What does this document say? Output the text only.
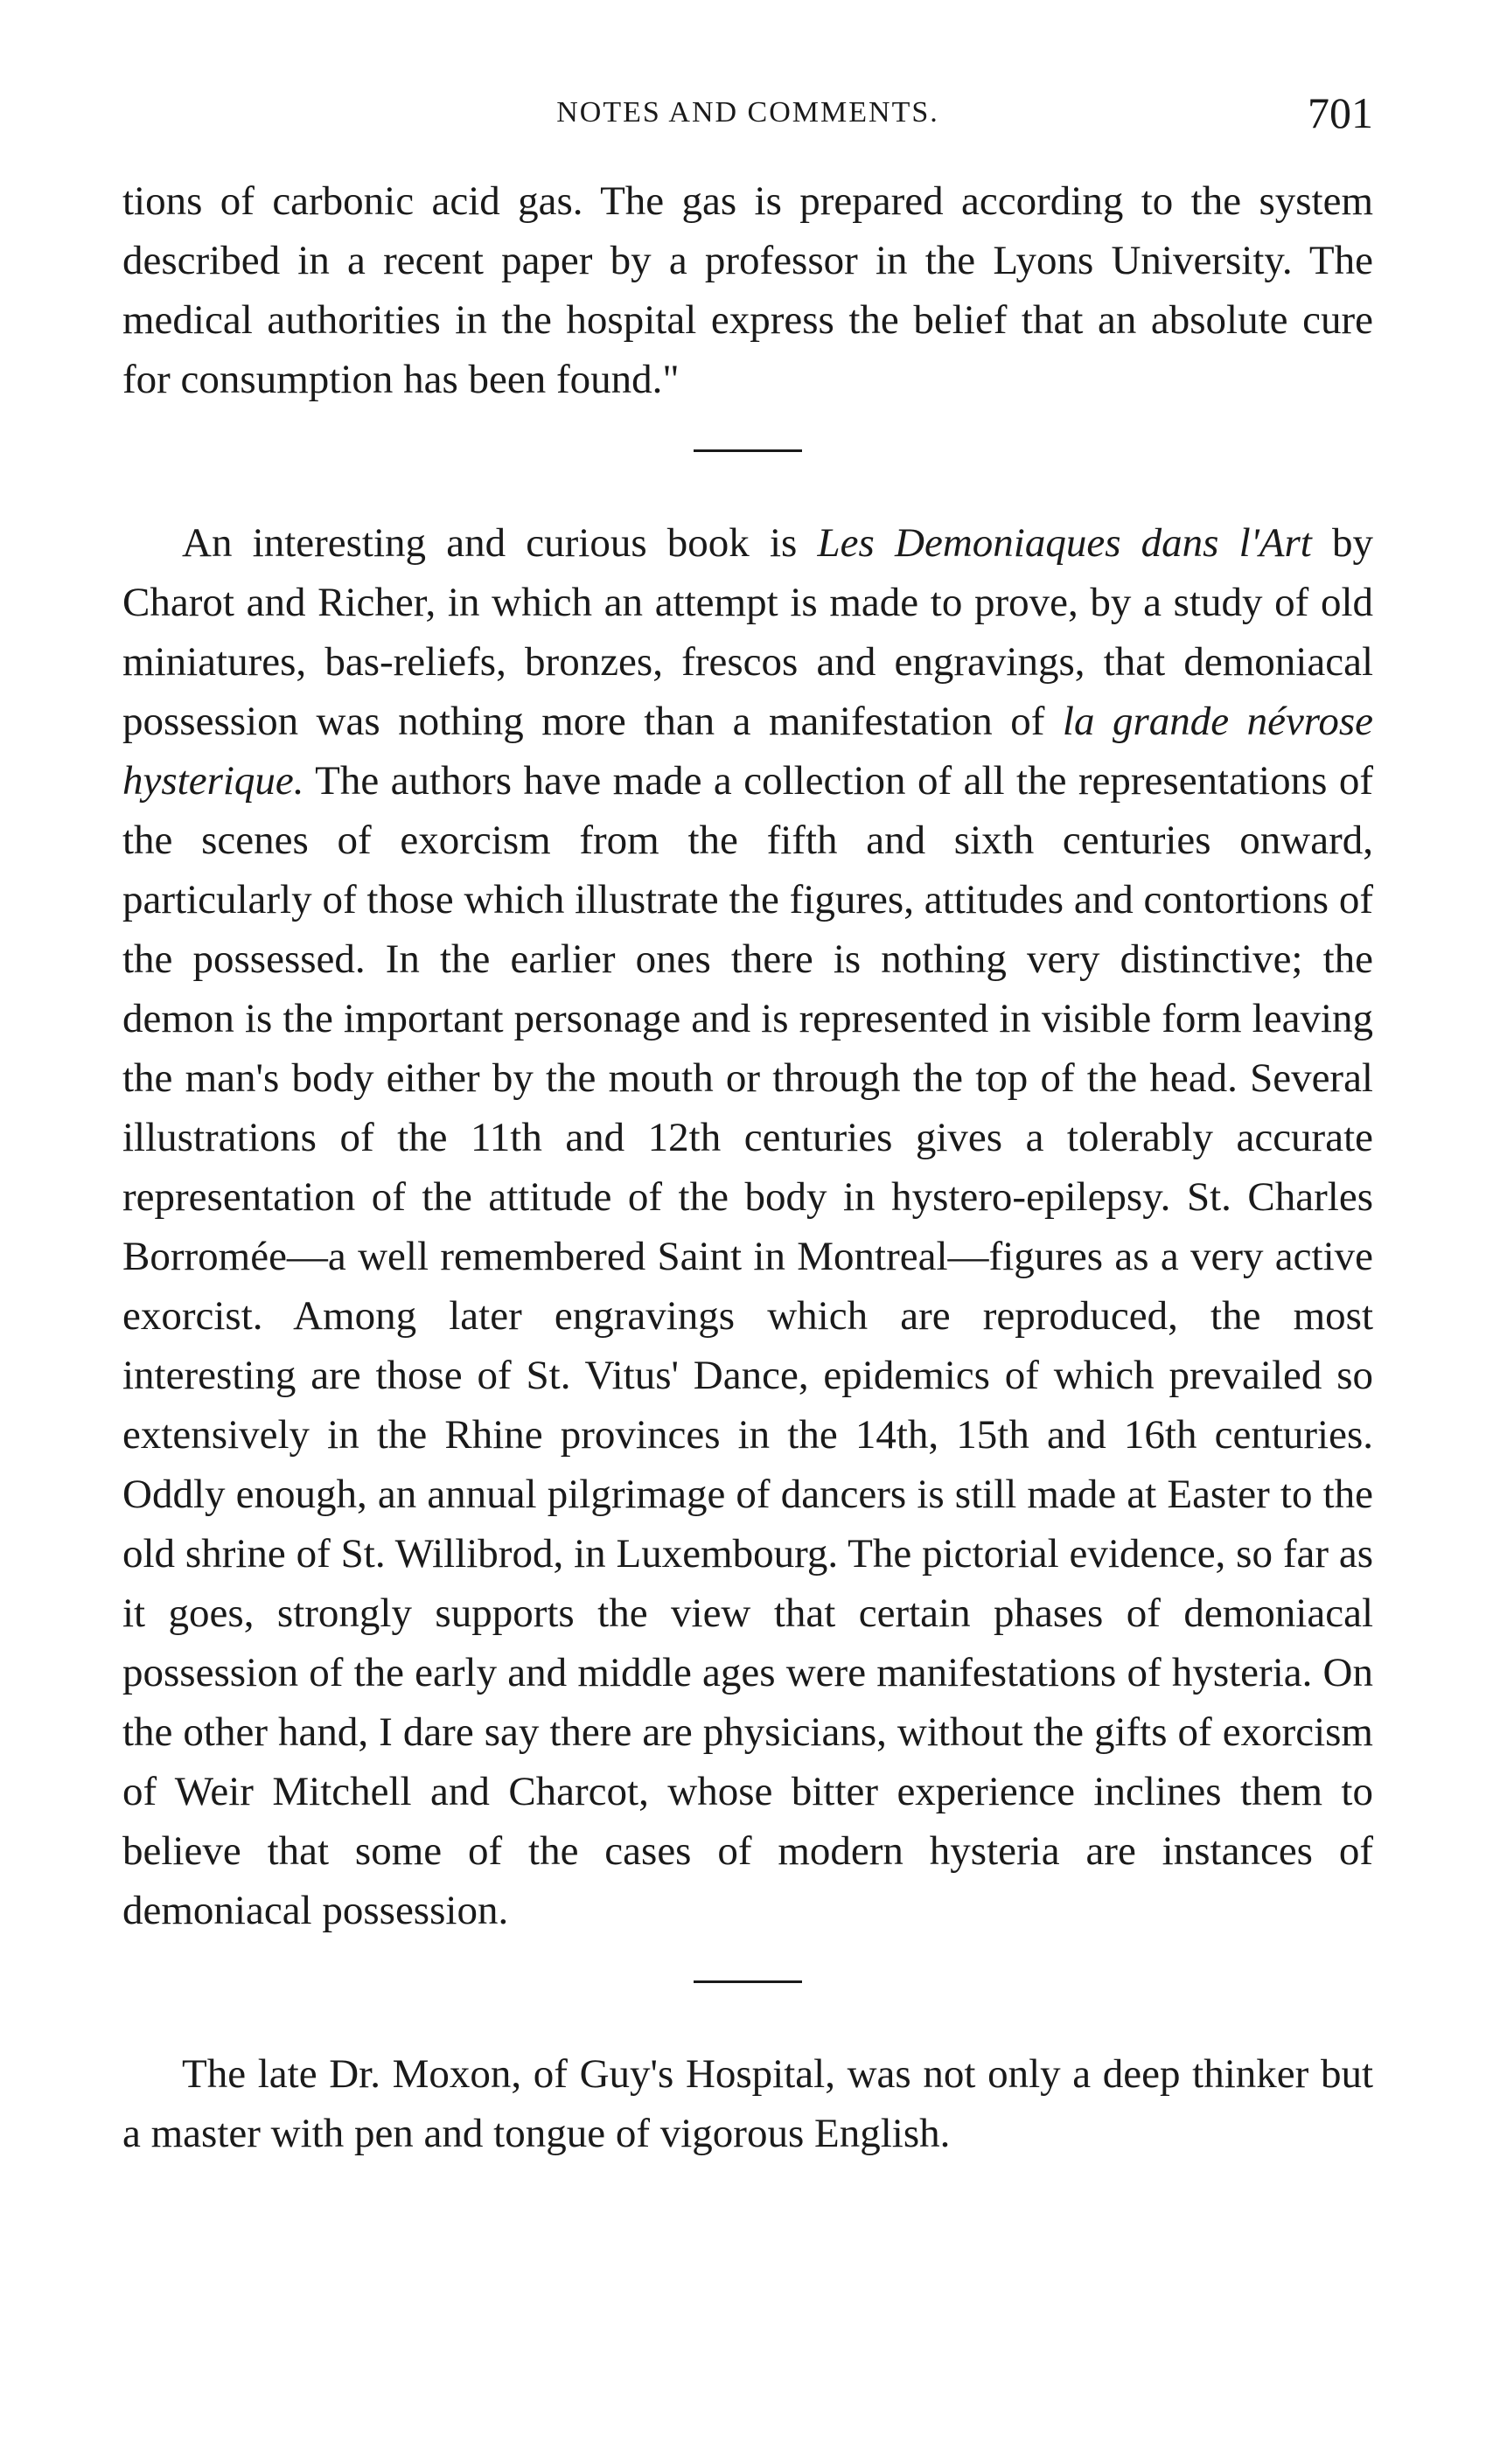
NOTES AND COMMENTS.	701

tions of carbonic acid gas. The gas is prepared according to the system described in a recent paper by a professor in the Lyons University. The medical authorities in the hospital express the belief that an absolute cure for consumption has been found."

An interesting and curious book is Les Demoniaques dans l'Art by Charot and Richer, in which an attempt is made to prove, by a study of old miniatures, bas-reliefs, bronzes, frescos and engravings, that demoniacal possession was nothing more than a manifestation of la grande névrose hysterique. The authors have made a collection of all the representations of the scenes of exorcism from the fifth and sixth centuries onward, particularly of those which illustrate the figures, attitudes and contortions of the possessed. In the earlier ones there is nothing very distinctive; the demon is the important personage and is represented in visible form leaving the man's body either by the mouth or through the top of the head. Several illustrations of the 11th and 12th centuries gives a tolerably accurate representation of the attitude of the body in hystero-epilepsy. St. Charles Borromée—a well remembered Saint in Montreal—figures as a very active exorcist. Among later engravings which are reproduced, the most interesting are those of St. Vitus' Dance, epidemics of which prevailed so extensively in the Rhine provinces in the 14th, 15th and 16th centuries. Oddly enough, an annual pilgrimage of dancers is still made at Easter to the old shrine of St. Willibrod, in Luxembourg. The pictorial evidence, so far as it goes, strongly supports the view that certain phases of demoniacal possession of the early and middle ages were manifestations of hysteria. On the other hand, I dare say there are physicians, without the gifts of exorcism of Weir Mitchell and Charcot, whose bitter experience inclines them to believe that some of the cases of modern hysteria are instances of demoniacal possession.

The late Dr. Moxon, of Guy's Hospital, was not only a deep thinker but a master with pen and tongue of vigorous English.
